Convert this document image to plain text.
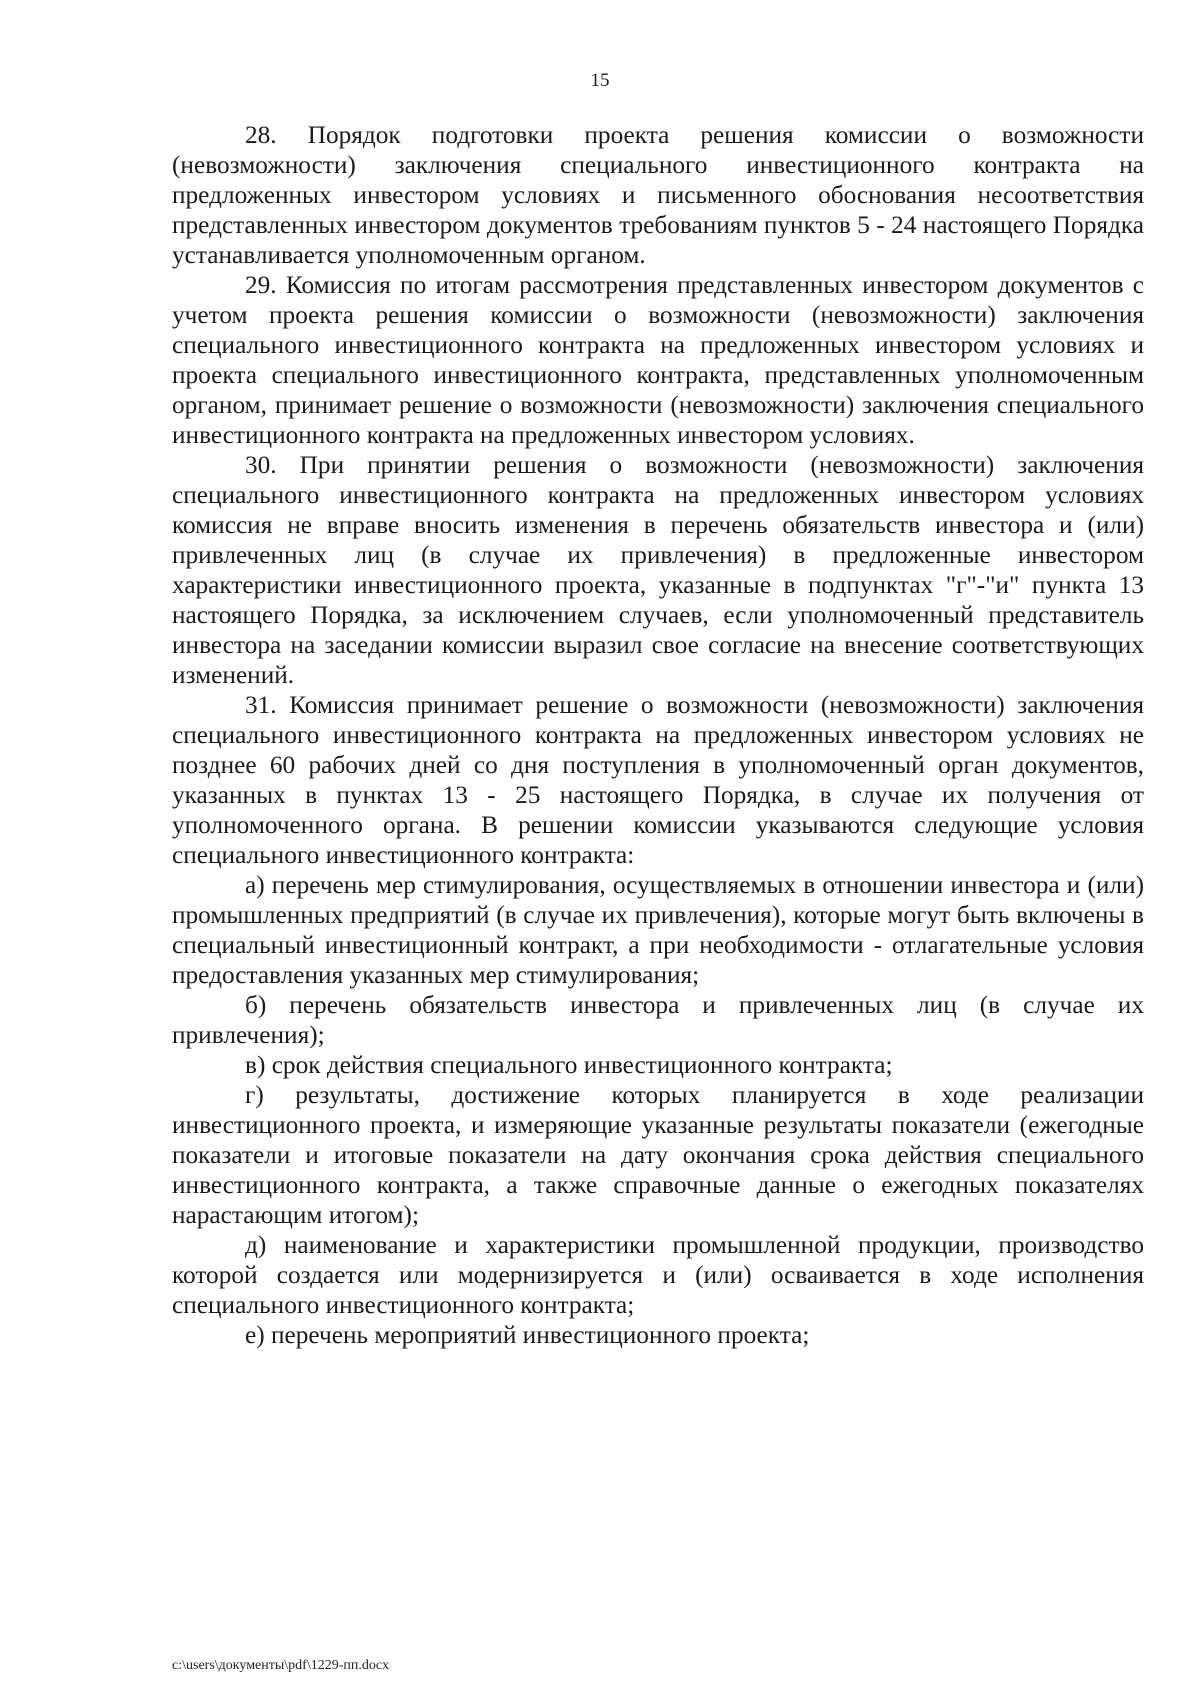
15

28. Порядок подготовки проекта решения комиссии о возможности (невозможности) заключения специального инвестиционного контракта на предложенных инвестором условиях и письменного обоснования несоответствия представленных инвестором документов требованиям пунктов 5 - 24 настоящего Порядка устанавливается уполномоченным органом.

29. Комиссия по итогам рассмотрения представленных инвестором документов с учетом проекта решения комиссии о возможности (невозможности) заключения специального инвестиционного контракта на предложенных инвестором условиях и проекта специального инвестиционного контракта, представленных уполномоченным органом, принимает решение о возможности (невозможности) заключения специального инвестиционного контракта на предложенных инвестором условиях.

30. При принятии решения о возможности (невозможности) заключения специального инвестиционного контракта на предложенных инвестором условиях комиссия не вправе вносить изменения в перечень обязательств инвестора и (или) привлеченных лиц (в случае их привлечения) в предложенные инвестором характеристики инвестиционного проекта, указанные в подпунктах "г"-"и" пункта 13 настоящего Порядка, за исключением случаев, если уполномоченный представитель инвестора на заседании комиссии выразил свое согласие на внесение соответствующих изменений.

31. Комиссия принимает решение о возможности (невозможности) заключения специального инвестиционного контракта на предложенных инвестором условиях не позднее 60 рабочих дней со дня поступления в уполномоченный орган документов, указанных в пунктах 13 - 25 настоящего Порядка, в случае их получения от уполномоченного органа. В решении комиссии указываются следующие условия специального инвестиционного контракта:

а) перечень мер стимулирования, осуществляемых в отношении инвестора и (или) промышленных предприятий (в случае их привлечения), которые могут быть включены в специальный инвестиционный контракт, а при необходимости - отлагательные условия предоставления указанных мер стимулирования;

б) перечень обязательств инвестора и привлеченных лиц (в случае их привлечения);

в) срок действия специального инвестиционного контракта;

г) результаты, достижение которых планируется в ходе реализации инвестиционного проекта, и измеряющие указанные результаты показатели (ежегодные показатели и итоговые показатели на дату окончания срока действия специального инвестиционного контракта, а также справочные данные о ежегодных показателях нарастающим итогом);

д) наименование и характеристики промышленной продукции, производство которой создается или модернизируется и (или) осваивается в ходе исполнения специального инвестиционного контракта;

е) перечень мероприятий инвестиционного проекта;

c:\users\документы\pdf\1229-пп.docx
